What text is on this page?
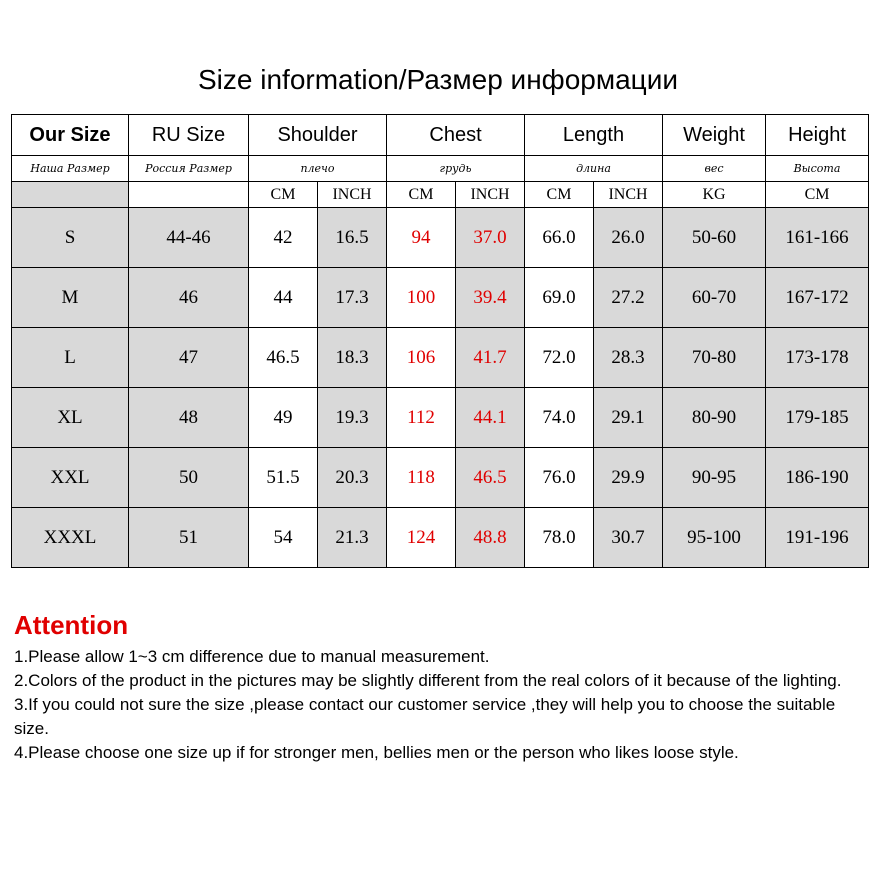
Size information/Размер информации
Our Size	RU Size	Shoulder		Chest		Length		Weight	Height
Наша Размер	Россия Размер	плечо		грудь		длина		вес	Высота
		CM	INCH	CM	INCH	CM	INCH	KG	CM
S	44-46	42	16.5	94	37.0	66.0	26.0	50-60	161-166
M	46	44	17.3	100	39.4	69.0	27.2	60-70	167-172
L	47	46.5	18.3	106	41.7	72.0	28.3	70-80	173-178
XL	48	49	19.3	112	44.1	74.0	29.1	80-90	179-185
XXL	50	51.5	20.3	118	46.5	76.0	29.9	90-95	186-190
XXXL	51	54	21.3	124	48.8	78.0	30.7	95-100	191-196
Attention

1.Please allow 1~3 cm difference due to manual measurement.

2.Colors of the product in the pictures may be slightly different from the real colors of it because of the lighting.

3.If you could not sure the size ,please contact our customer service ,they will help you to choose the suitable size.

4.Please choose one size up if for stronger men, bellies men or the person who likes loose style.
